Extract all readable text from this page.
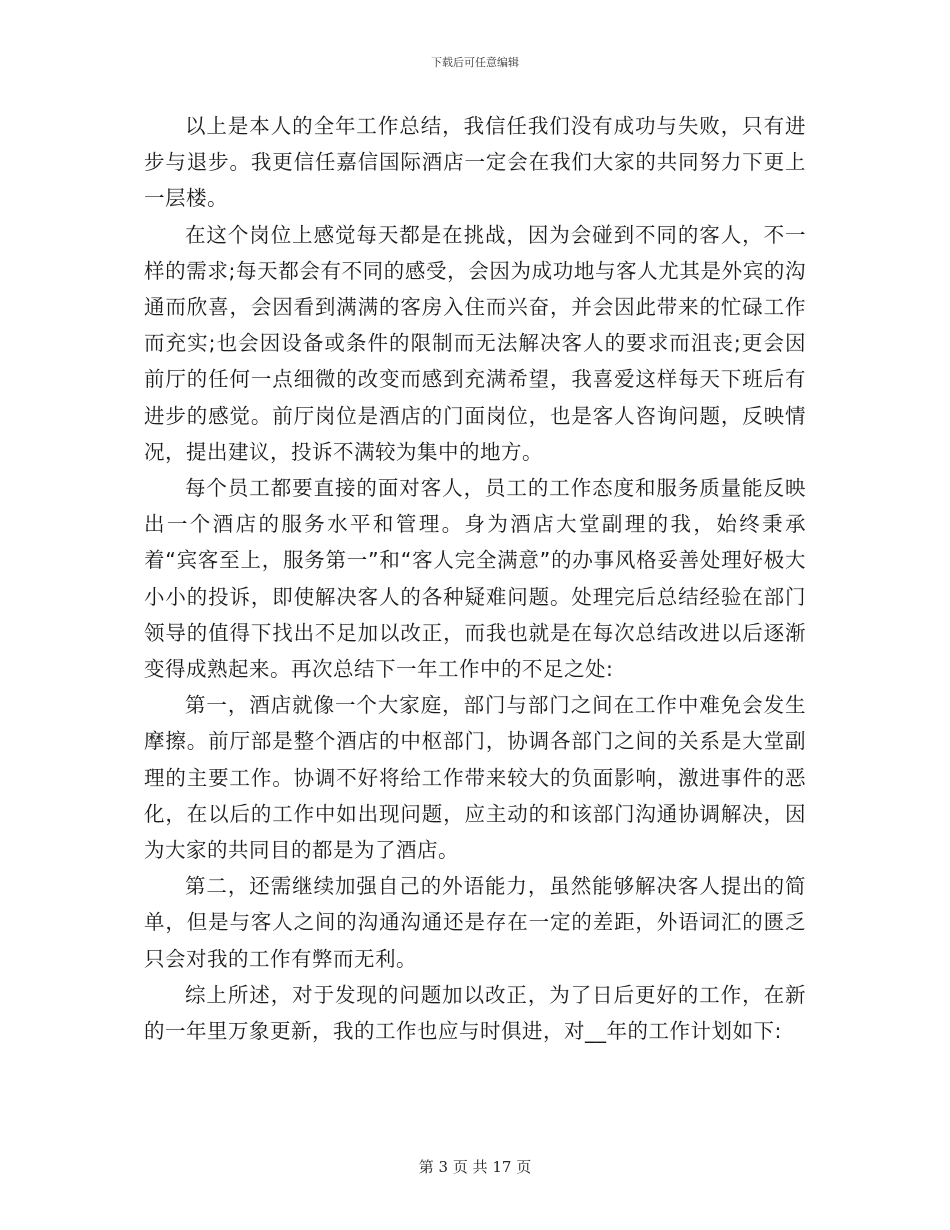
下载后可任意编辑

以上是本人的全年工作总结，我信任我们没有成功与失败，只有进步与退步。我更信任嘉信国际酒店一定会在我们大家的共同努力下更上一层楼。

在这个岗位上感觉每天都是在挑战，因为会碰到不同的客人，不一样的需求;每天都会有不同的感受，会因为成功地与客人尤其是外宾的沟通而欣喜，会因看到满满的客房入住而兴奋，并会因此带来的忙碌工作而充实;也会因设备或条件的限制而无法解决客人的要求而沮丧;更会因前厅的任何一点细微的改变而感到充满希望，我喜爱这样每天下班后有进步的感觉。前厅岗位是酒店的门面岗位，也是客人咨询问题，反映情况，提出建议，投诉不满较为集中的地方。

每个员工都要直接的面对客人，员工的工作态度和服务质量能反映出一个酒店的服务水平和管理。身为酒店大堂副理的我，始终秉承着“宾客至上，服务第一”和“客人完全满意”的办事风格妥善处理好极大小小的投诉，即使解决客人的各种疑难问题。处理完后总结经验在部门领导的值得下找出不足加以改正，而我也就是在每次总结改进以后逐渐变得成熟起来。再次总结下一年工作中的不足之处:

第一，酒店就像一个大家庭，部门与部门之间在工作中难免会发生摩擦。前厅部是整个酒店的中枢部门，协调各部门之间的关系是大堂副理的主要工作。协调不好将给工作带来较大的负面影响，激进事件的恶化，在以后的工作中如出现问题，应主动的和该部门沟通协调解决，因为大家的共同目的都是为了酒店。

第二，还需继续加强自己的外语能力，虽然能够解决客人提出的简单，但是与客人之间的沟通沟通还是存在一定的差距，外语词汇的匮乏只会对我的工作有弊而无利。

综上所述，对于发现的问题加以改正，为了日后更好的工作，在新的一年里万象更新，我的工作也应与时俱进，对__年的工作计划如下:

第 3 页 共 17 页
